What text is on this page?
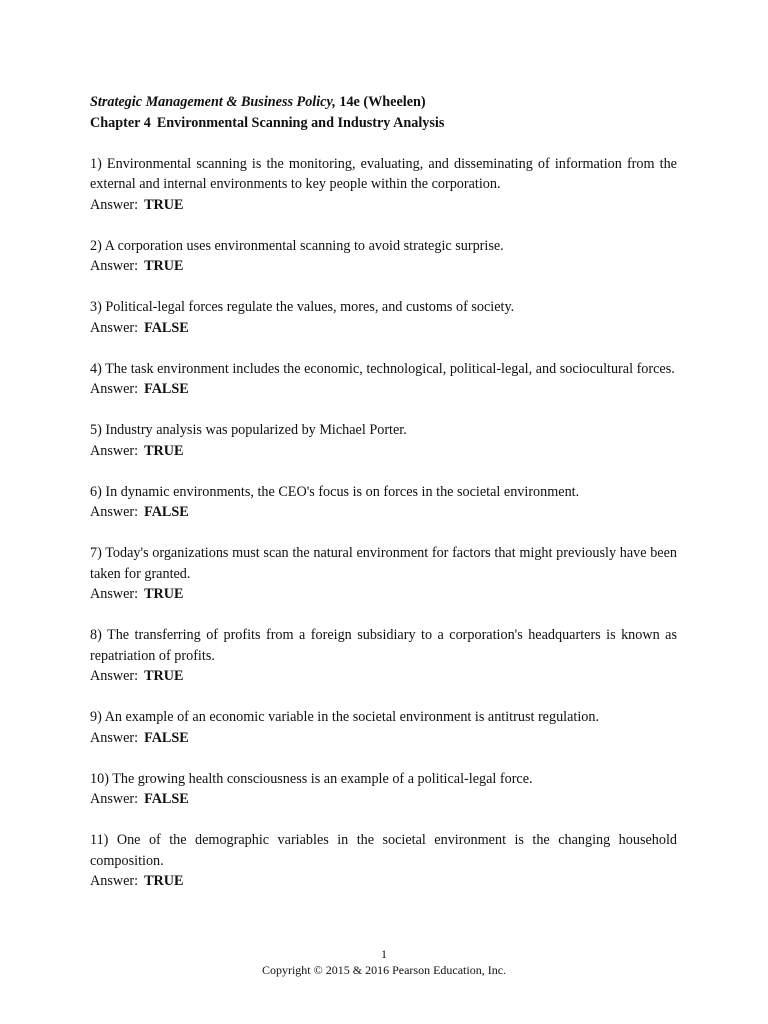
Strategic Management & Business Policy, 14e (Wheelen)

Chapter 4 Environmental Scanning and Industry Analysis

1) Environmental scanning is the monitoring, evaluating, and disseminating of information from the external and internal environments to key people within the corporation.

Answer: TRUE

2) A corporation uses environmental scanning to avoid strategic surprise.

Answer: TRUE

3) Political-legal forces regulate the values, mores, and customs of society.

Answer: FALSE

4) The task environment includes the economic, technological, political-legal, and sociocultural forces.

Answer: FALSE

5) Industry analysis was popularized by Michael Porter.

Answer: TRUE

6) In dynamic environments, the CEO's focus is on forces in the societal environment.

Answer: FALSE

7) Today's organizations must scan the natural environment for factors that might previously have been taken for granted.

Answer: TRUE

8) The transferring of profits from a foreign subsidiary to a corporation's headquarters is known as repatriation of profits.

Answer: TRUE

9) An example of an economic variable in the societal environment is antitrust regulation.

Answer: FALSE

10) The growing health consciousness is an example of a political-legal force.

Answer: FALSE

11) One of the demographic variables in the societal environment is the changing household composition.

Answer: TRUE

1
Copyright © 2015 & 2016 Pearson Education, Inc.
